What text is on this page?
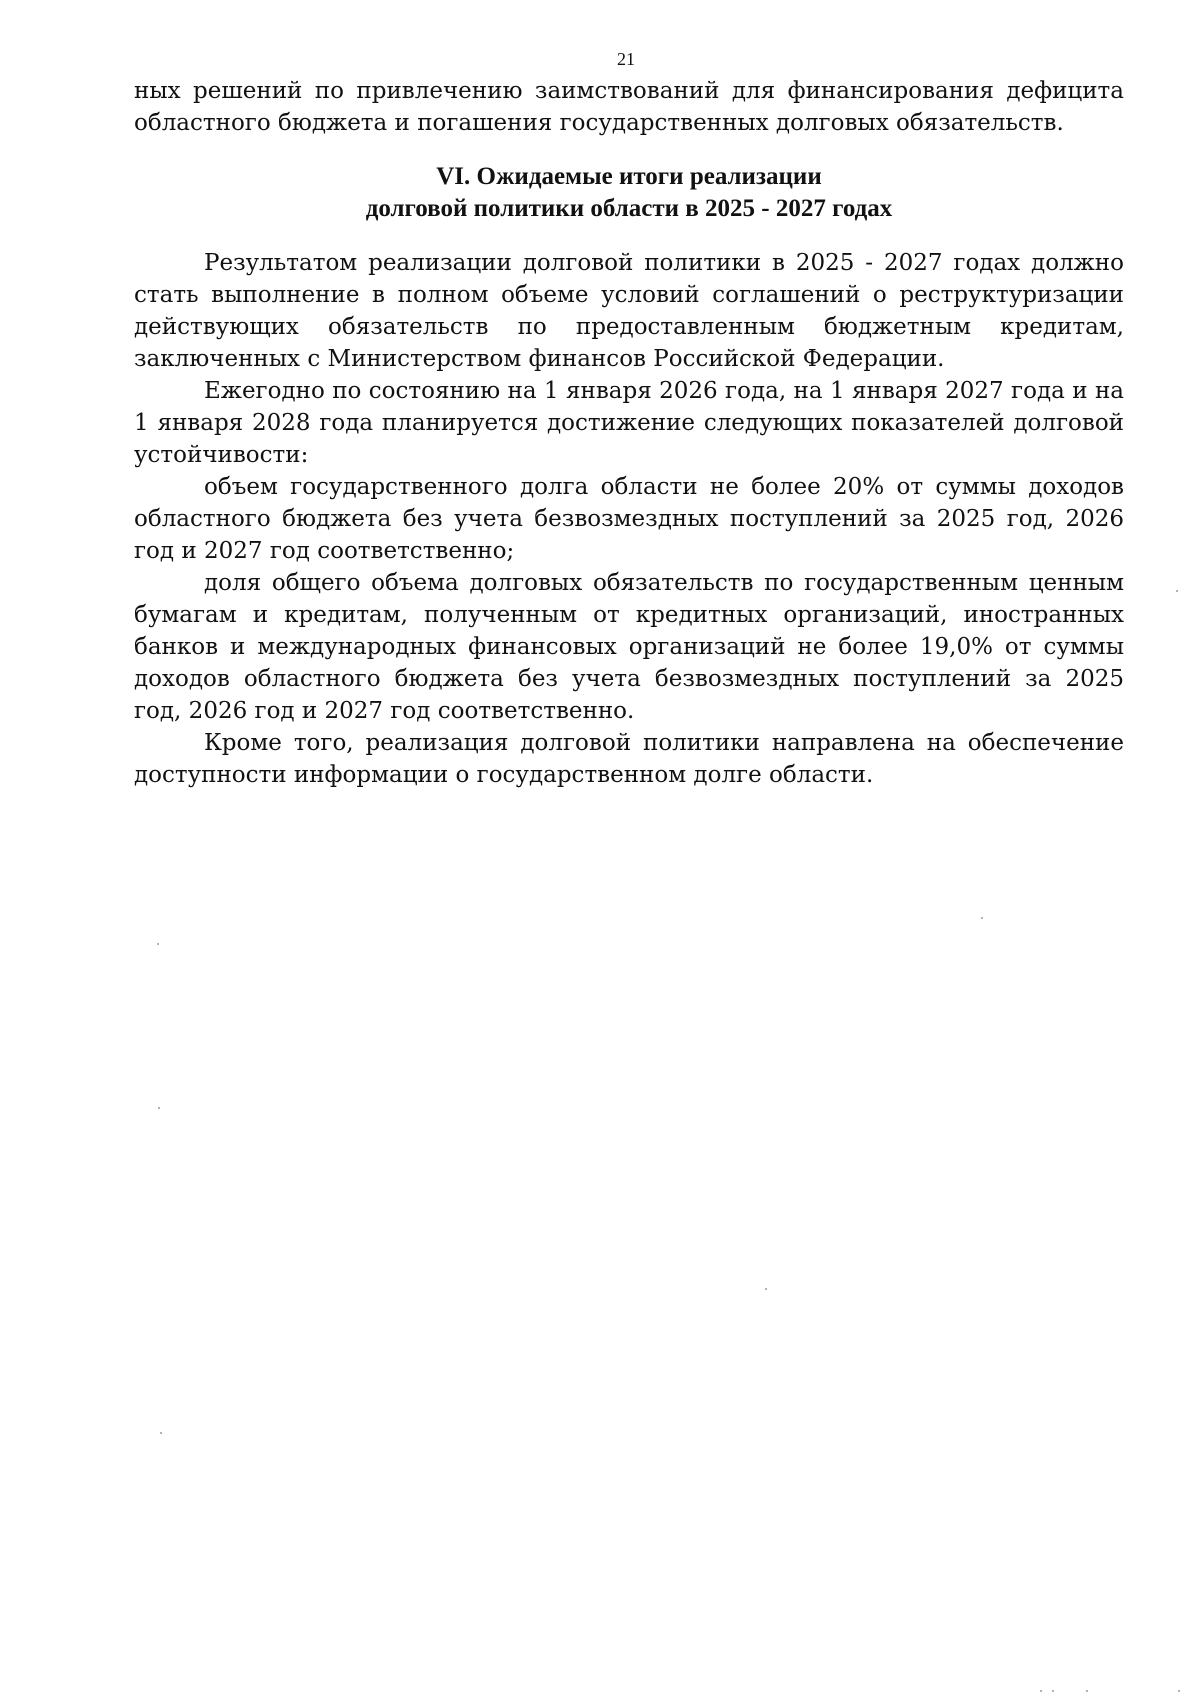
21

ных решений по привлечению заимствований для финансирования дефицита областного бюджета и погашения государственных долговых обязательств.

VI. Ожидаемые итоги реализации
долговой политики области в 2025 - 2027 годах

Результатом реализации долговой политики в 2025 - 2027 годах должно стать выполнение в полном объеме условий соглашений о реструктуризации действующих обязательств по предоставленным бюджетным кредитам, заключенных с Министерством финансов Российской Федерации.

Ежегодно по состоянию на 1 января 2026 года, на 1 января 2027 года и на 1 января 2028 года планируется достижение следующих показателей долговой устойчивости:

объем государственного долга области не более 20% от суммы доходов областного бюджета без учета безвозмездных поступлений за 2025 год, 2026 год и 2027 год соответственно;

доля общего объема долговых обязательств по государственным ценным бумагам и кредитам, полученным от кредитных организаций, иностранных банков и международных финансовых организаций не более 19,0% от суммы доходов областного бюджета без учета безвозмездных поступлений за 2025 год, 2026 год и 2027 год соответственно.

Кроме того, реализация долговой политики направлена на обеспечение доступности информации о государственном долге области.
